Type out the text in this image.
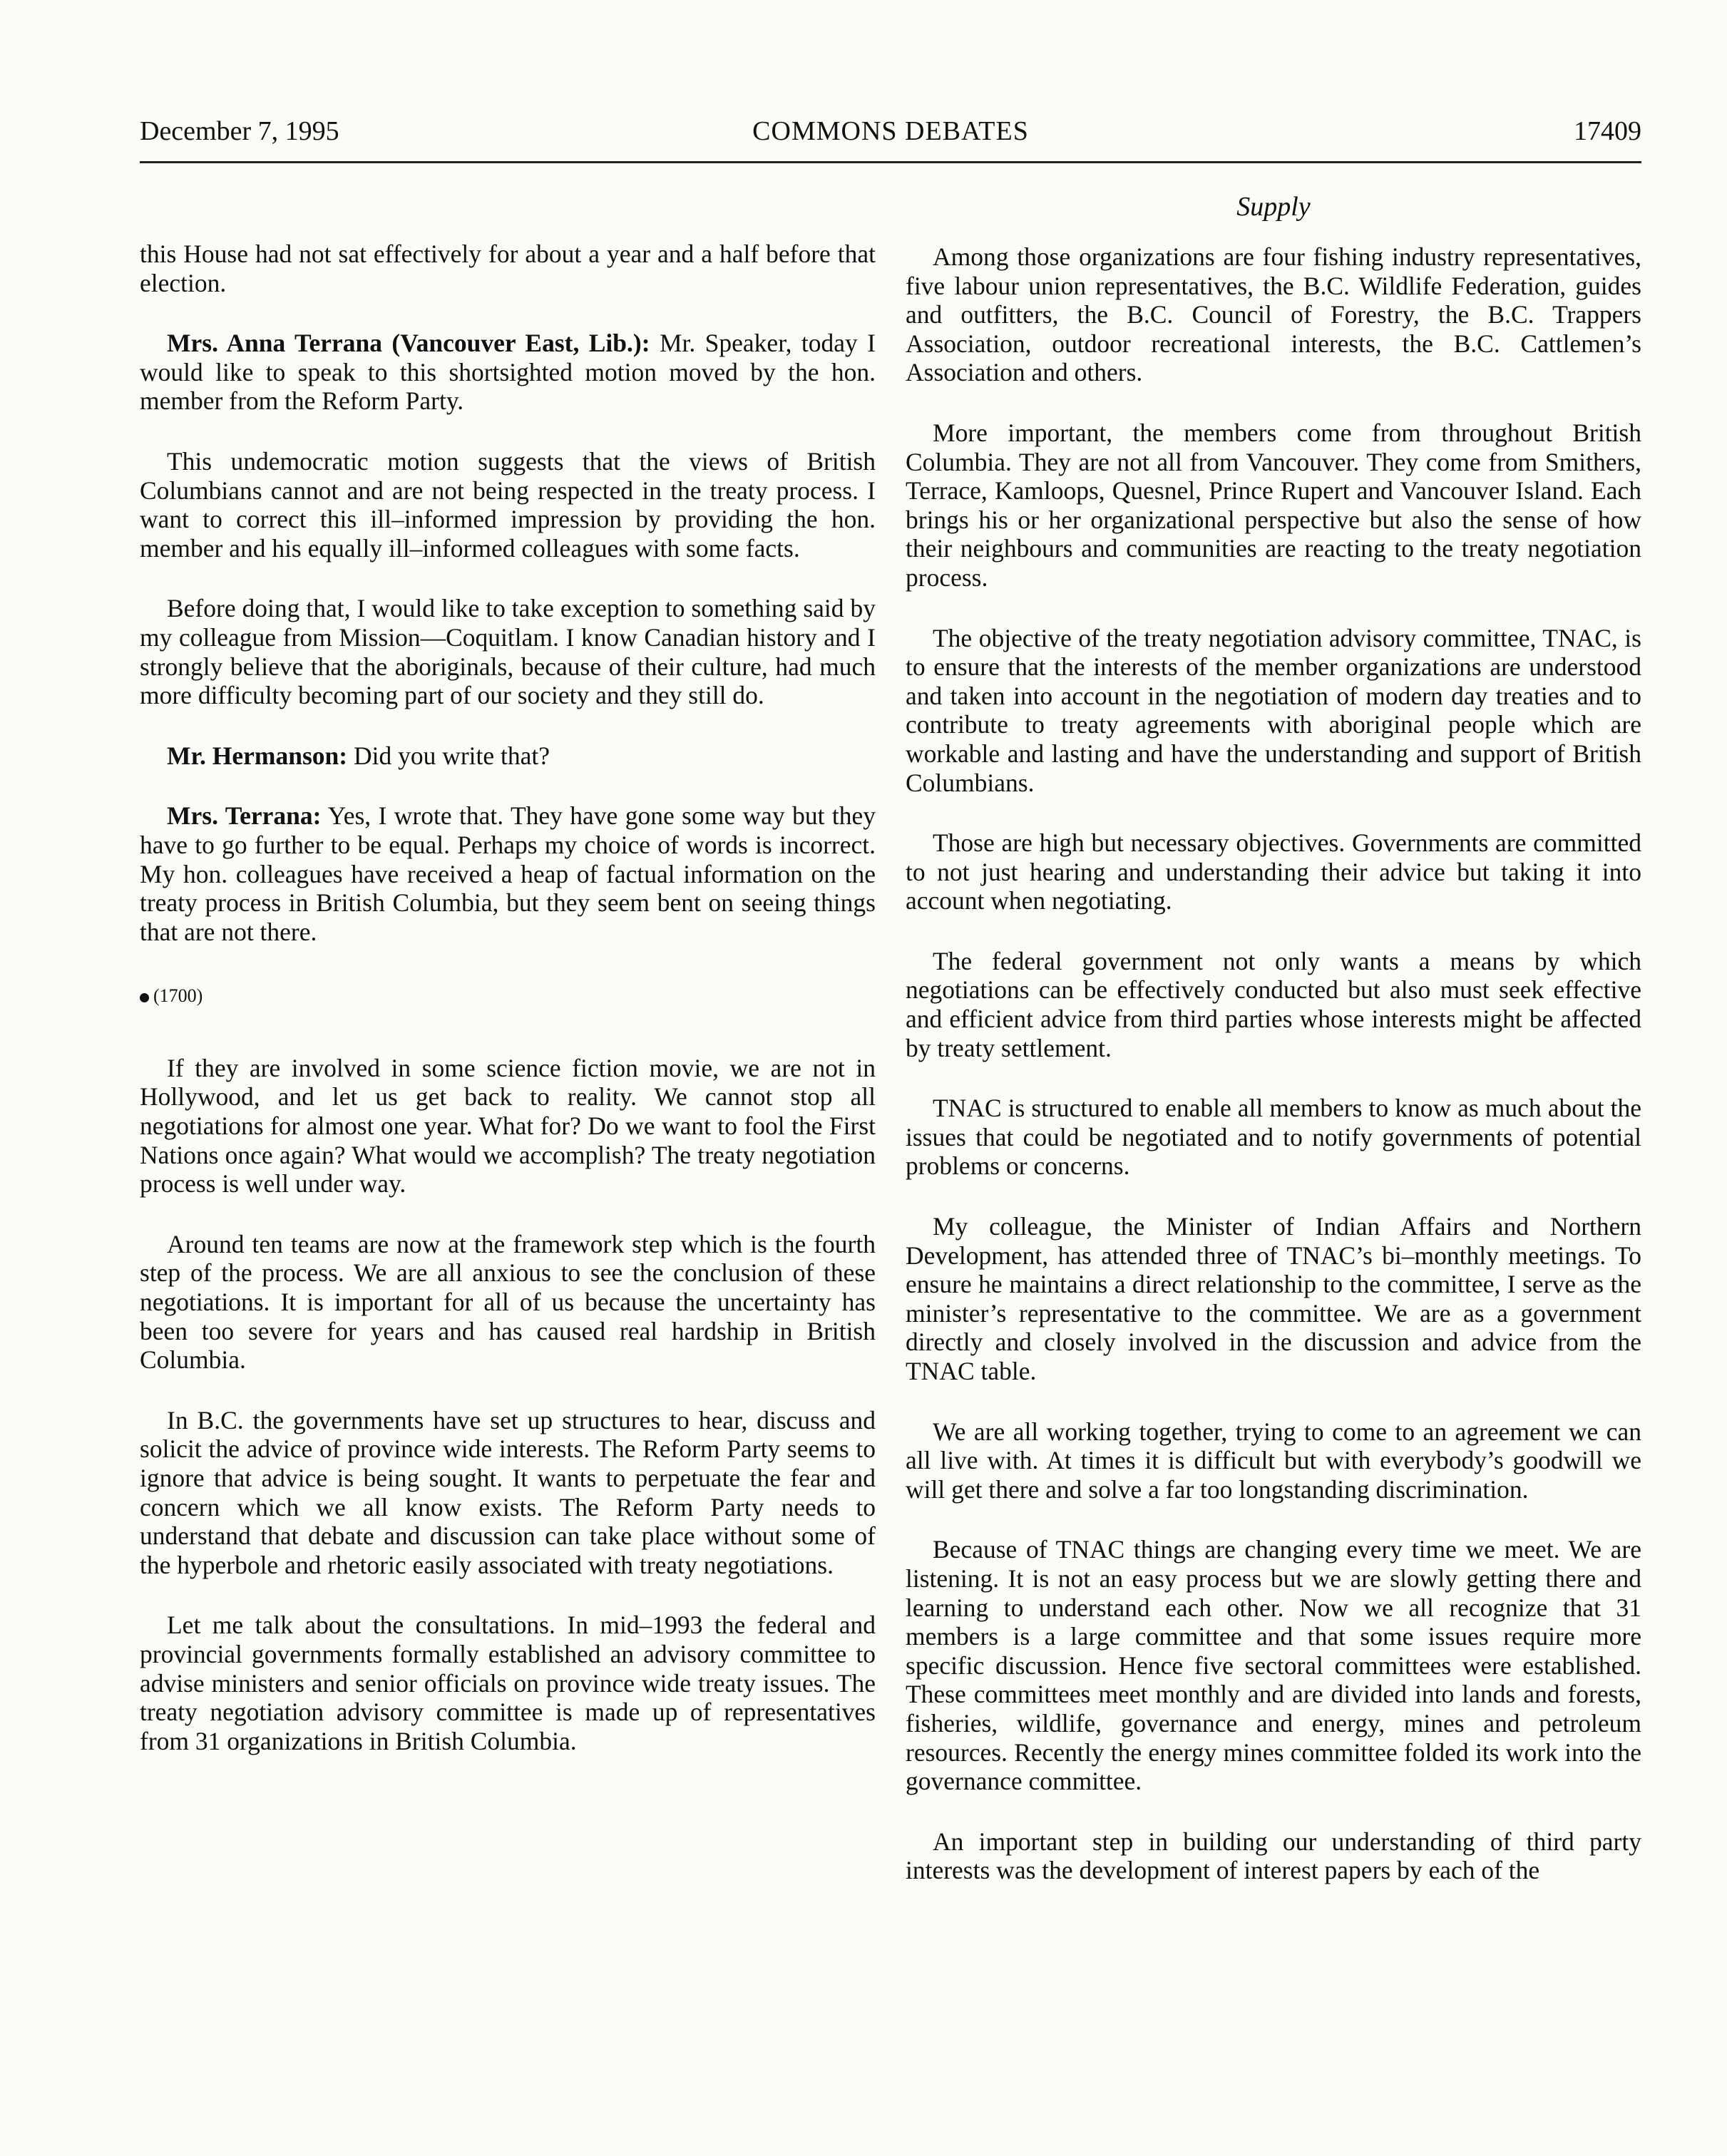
December 7, 1995	COMMONS DEBATES	17409
Supply

this House had not sat effectively for about a year and a half before that election.

Mrs. Anna Terrana (Vancouver East, Lib.): Mr. Speaker, today I would like to speak to this shortsighted motion moved by the hon. member from the Reform Party.

This undemocratic motion suggests that the views of British Columbians cannot and are not being respected in the treaty process. I want to correct this ill–informed impression by providing the hon. member and his equally ill–informed colleagues with some facts.

Before doing that, I would like to take exception to something said by my colleague from Mission—Coquitlam. I know Canadian history and I strongly believe that the aboriginals, because of their culture, had much more difficulty becoming part of our society and they still do.

Mr. Hermanson: Did you write that?

Mrs. Terrana: Yes, I wrote that. They have gone some way but they have to go further to be equal. Perhaps my choice of words is incorrect. My hon. colleagues have received a heap of factual information on the treaty process in British Columbia, but they seem bent on seeing things that are not there.

(1700)

If they are involved in some science fiction movie, we are not in Hollywood, and let us get back to reality. We cannot stop all negotiations for almost one year. What for? Do we want to fool the First Nations once again? What would we accomplish? The treaty negotiation process is well under way.

Around ten teams are now at the framework step which is the fourth step of the process. We are all anxious to see the conclusion of these negotiations. It is important for all of us because the uncertainty has been too severe for years and has caused real hardship in British Columbia.

In B.C. the governments have set up structures to hear, discuss and solicit the advice of province wide interests. The Reform Party seems to ignore that advice is being sought. It wants to perpetuate the fear and concern which we all know exists. The Reform Party needs to understand that debate and discussion can take place without some of the hyperbole and rhetoric easily associated with treaty negotiations.

Let me talk about the consultations. In mid–1993 the federal and provincial governments formally established an advisory committee to advise ministers and senior officials on province wide treaty issues. The treaty negotiation advisory committee is made up of representatives from 31 organizations in British Columbia.

Among those organizations are four fishing industry representatives, five labour union representatives, the B.C. Wildlife Federation, guides and outfitters, the B.C. Council of Forestry, the B.C. Trappers Association, outdoor recreational interests, the B.C. Cattlemen’s Association and others.

More important, the members come from throughout British Columbia. They are not all from Vancouver. They come from Smithers, Terrace, Kamloops, Quesnel, Prince Rupert and Vancouver Island. Each brings his or her organizational perspective but also the sense of how their neighbours and communities are reacting to the treaty negotiation process.

The objective of the treaty negotiation advisory committee, TNAC, is to ensure that the interests of the member organizations are understood and taken into account in the negotiation of modern day treaties and to contribute to treaty agreements with aboriginal people which are workable and lasting and have the understanding and support of British Columbians.

Those are high but necessary objectives. Governments are committed to not just hearing and understanding their advice but taking it into account when negotiating.

The federal government not only wants a means by which negotiations can be effectively conducted but also must seek effective and efficient advice from third parties whose interests might be affected by treaty settlement.

TNAC is structured to enable all members to know as much about the issues that could be negotiated and to notify governments of potential problems or concerns.

My colleague, the Minister of Indian Affairs and Northern Development, has attended three of TNAC’s bi–monthly meetings. To ensure he maintains a direct relationship to the committee, I serve as the minister’s representative to the committee. We are as a government directly and closely involved in the discussion and advice from the TNAC table.

We are all working together, trying to come to an agreement we can all live with. At times it is difficult but with everybody’s goodwill we will get there and solve a far too longstanding discrimination.

Because of TNAC things are changing every time we meet. We are listening. It is not an easy process but we are slowly getting there and learning to understand each other. Now we all recognize that 31 members is a large committee and that some issues require more specific discussion. Hence five sectoral committees were established. These committees meet monthly and are divided into lands and forests, fisheries, wildlife, governance and energy, mines and petroleum resources. Recently the energy mines committee folded its work into the governance committee.

An important step in building our understanding of third party interests was the development of interest papers by each of the
